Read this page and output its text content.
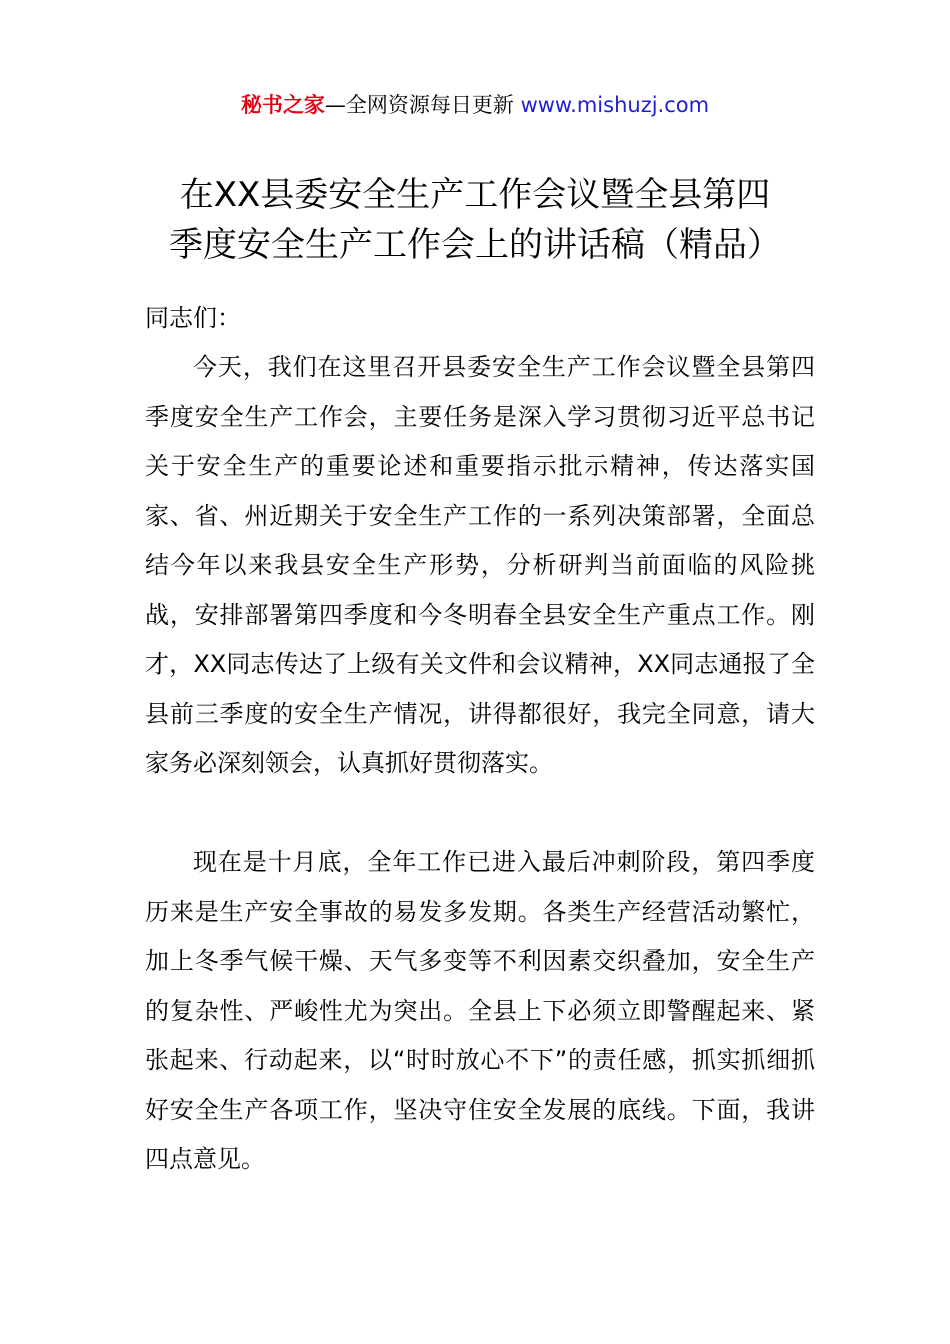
秘书之家—全网资源每日更新 www.mishuzj.com
在XX县委安全生产工作会议暨全县第四
季度安全生产工作会上的讲话稿（精品）

同志们：

今天，我们在这里召开县委安全生产工作会议暨全县第四季度安全生产工作会，主要任务是深入学习贯彻习近平总书记关于安全生产的重要论述和重要指示批示精神，传达落实国家、省、州近期关于安全生产工作的一系列决策部署，全面总结今年以来我县安全生产形势，分析研判当前面临的风险挑战，安排部署第四季度和今冬明春全县安全生产重点工作。刚才，XX同志传达了上级有关文件和会议精神，XX同志通报了全县前三季度的安全生产情况，讲得都很好，我完全同意，请大家务必深刻领会，认真抓好贯彻落实。

现在是十月底，全年工作已进入最后冲刺阶段，第四季度历来是生产安全事故的易发多发期。各类生产经营活动繁忙，加上冬季气候干燥、天气多变等不利因素交织叠加，安全生产的复杂性、严峻性尤为突出。全县上下必须立即警醒起来、紧张起来、行动起来，以“时时放心不下”的责任感，抓实抓细抓好安全生产各项工作，坚决守住安全发展的底线。下面，我讲四点意见。
